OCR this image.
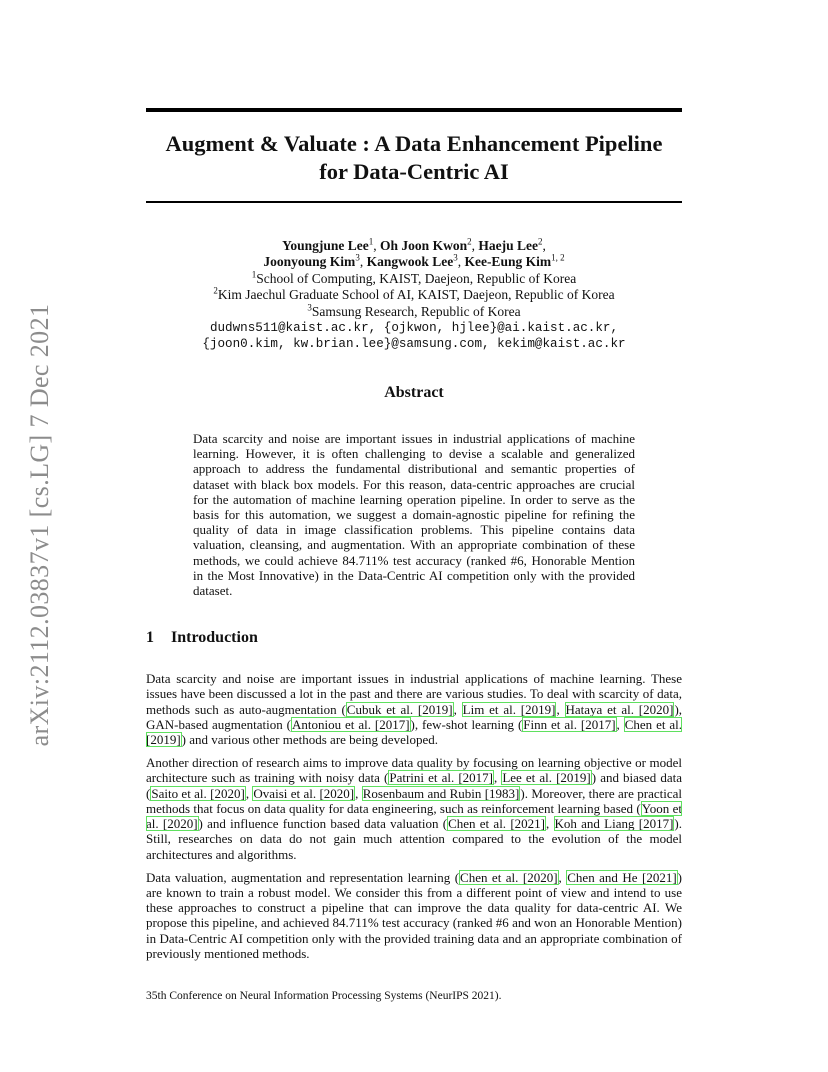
arXiv:2112.03837v1 [cs.LG] 7 Dec 2021
Augment & Valuate : A Data Enhancement Pipeline
for Data-Centric AI
Youngjune Lee$^1$, Oh Joon Kwon$^2$, Haeju Lee$^2$,
Joonyoung Kim$^3$, Kangwook Lee$^3$, Kee-Eung Kim$^{1, 2}$
$^1$School of Computing, KAIST, Daejeon, Republic of Korea
$^2$Kim Jaechul Graduate School of AI, KAIST, Daejeon, Republic of Korea
$^3$Samsung Research, Republic of Korea
dudwns511@kaist.ac.kr, {ojkwon, hjlee}@ai.kaist.ac.kr,
{joon0.kim, kw.brian.lee}@samsung.com, kekim@kaist.ac.kr
Abstract

Data scarcity and noise are important issues in industrial applications of machine learning. However, it is often challenging to devise a scalable and generalized approach to address the fundamental distributional and semantic properties of dataset with black box models. For this reason, data-centric approaches are crucial for the automation of machine learning operation pipeline. In order to serve as the basis for this automation, we suggest a domain-agnostic pipeline for refining the quality of data in image classification problems. This pipeline contains data valuation, cleansing, and augmentation. With an appropriate combination of these methods, we could achieve 84.711% test accuracy (ranked #6, Honorable Mention in the Most Innovative) in the Data-Centric AI competition only with the provided dataset.

1 Introduction

Data scarcity and noise are important issues in industrial applications of machine learning. These issues have been discussed a lot in the past and there are various studies. To deal with scarcity of data, methods such as auto-augmentation (Cubuk et al. [2019], Lim et al. [2019], Hataya et al. [2020]), GAN-based augmentation (Antoniou et al. [2017]), few-shot learning (Finn et al. [2017], Chen et al. [2019]) and various other methods are being developed.

Another direction of research aims to improve data quality by focusing on learning objective or model architecture such as training with noisy data (Patrini et al. [2017], Lee et al. [2019]) and biased data (Saito et al. [2020], Ovaisi et al. [2020], Rosenbaum and Rubin [1983]). Moreover, there are practical methods that focus on data quality for data engineering, such as reinforcement learning based (Yoon et al. [2020]) and influence function based data valuation (Chen et al. [2021], Koh and Liang [2017]). Still, researches on data do not gain much attention compared to the evolution of the model architectures and algorithms.

Data valuation, augmentation and representation learning (Chen et al. [2020], Chen and He [2021]) are known to train a robust model. We consider this from a different point of view and intend to use these approaches to construct a pipeline that can improve the data quality for data-centric AI. We propose this pipeline, and achieved 84.711% test accuracy (ranked #6 and won an Honorable Mention) in Data-Centric AI competition only with the provided training data and an appropriate combination of previously mentioned methods.

35th Conference on Neural Information Processing Systems (NeurIPS 2021).
